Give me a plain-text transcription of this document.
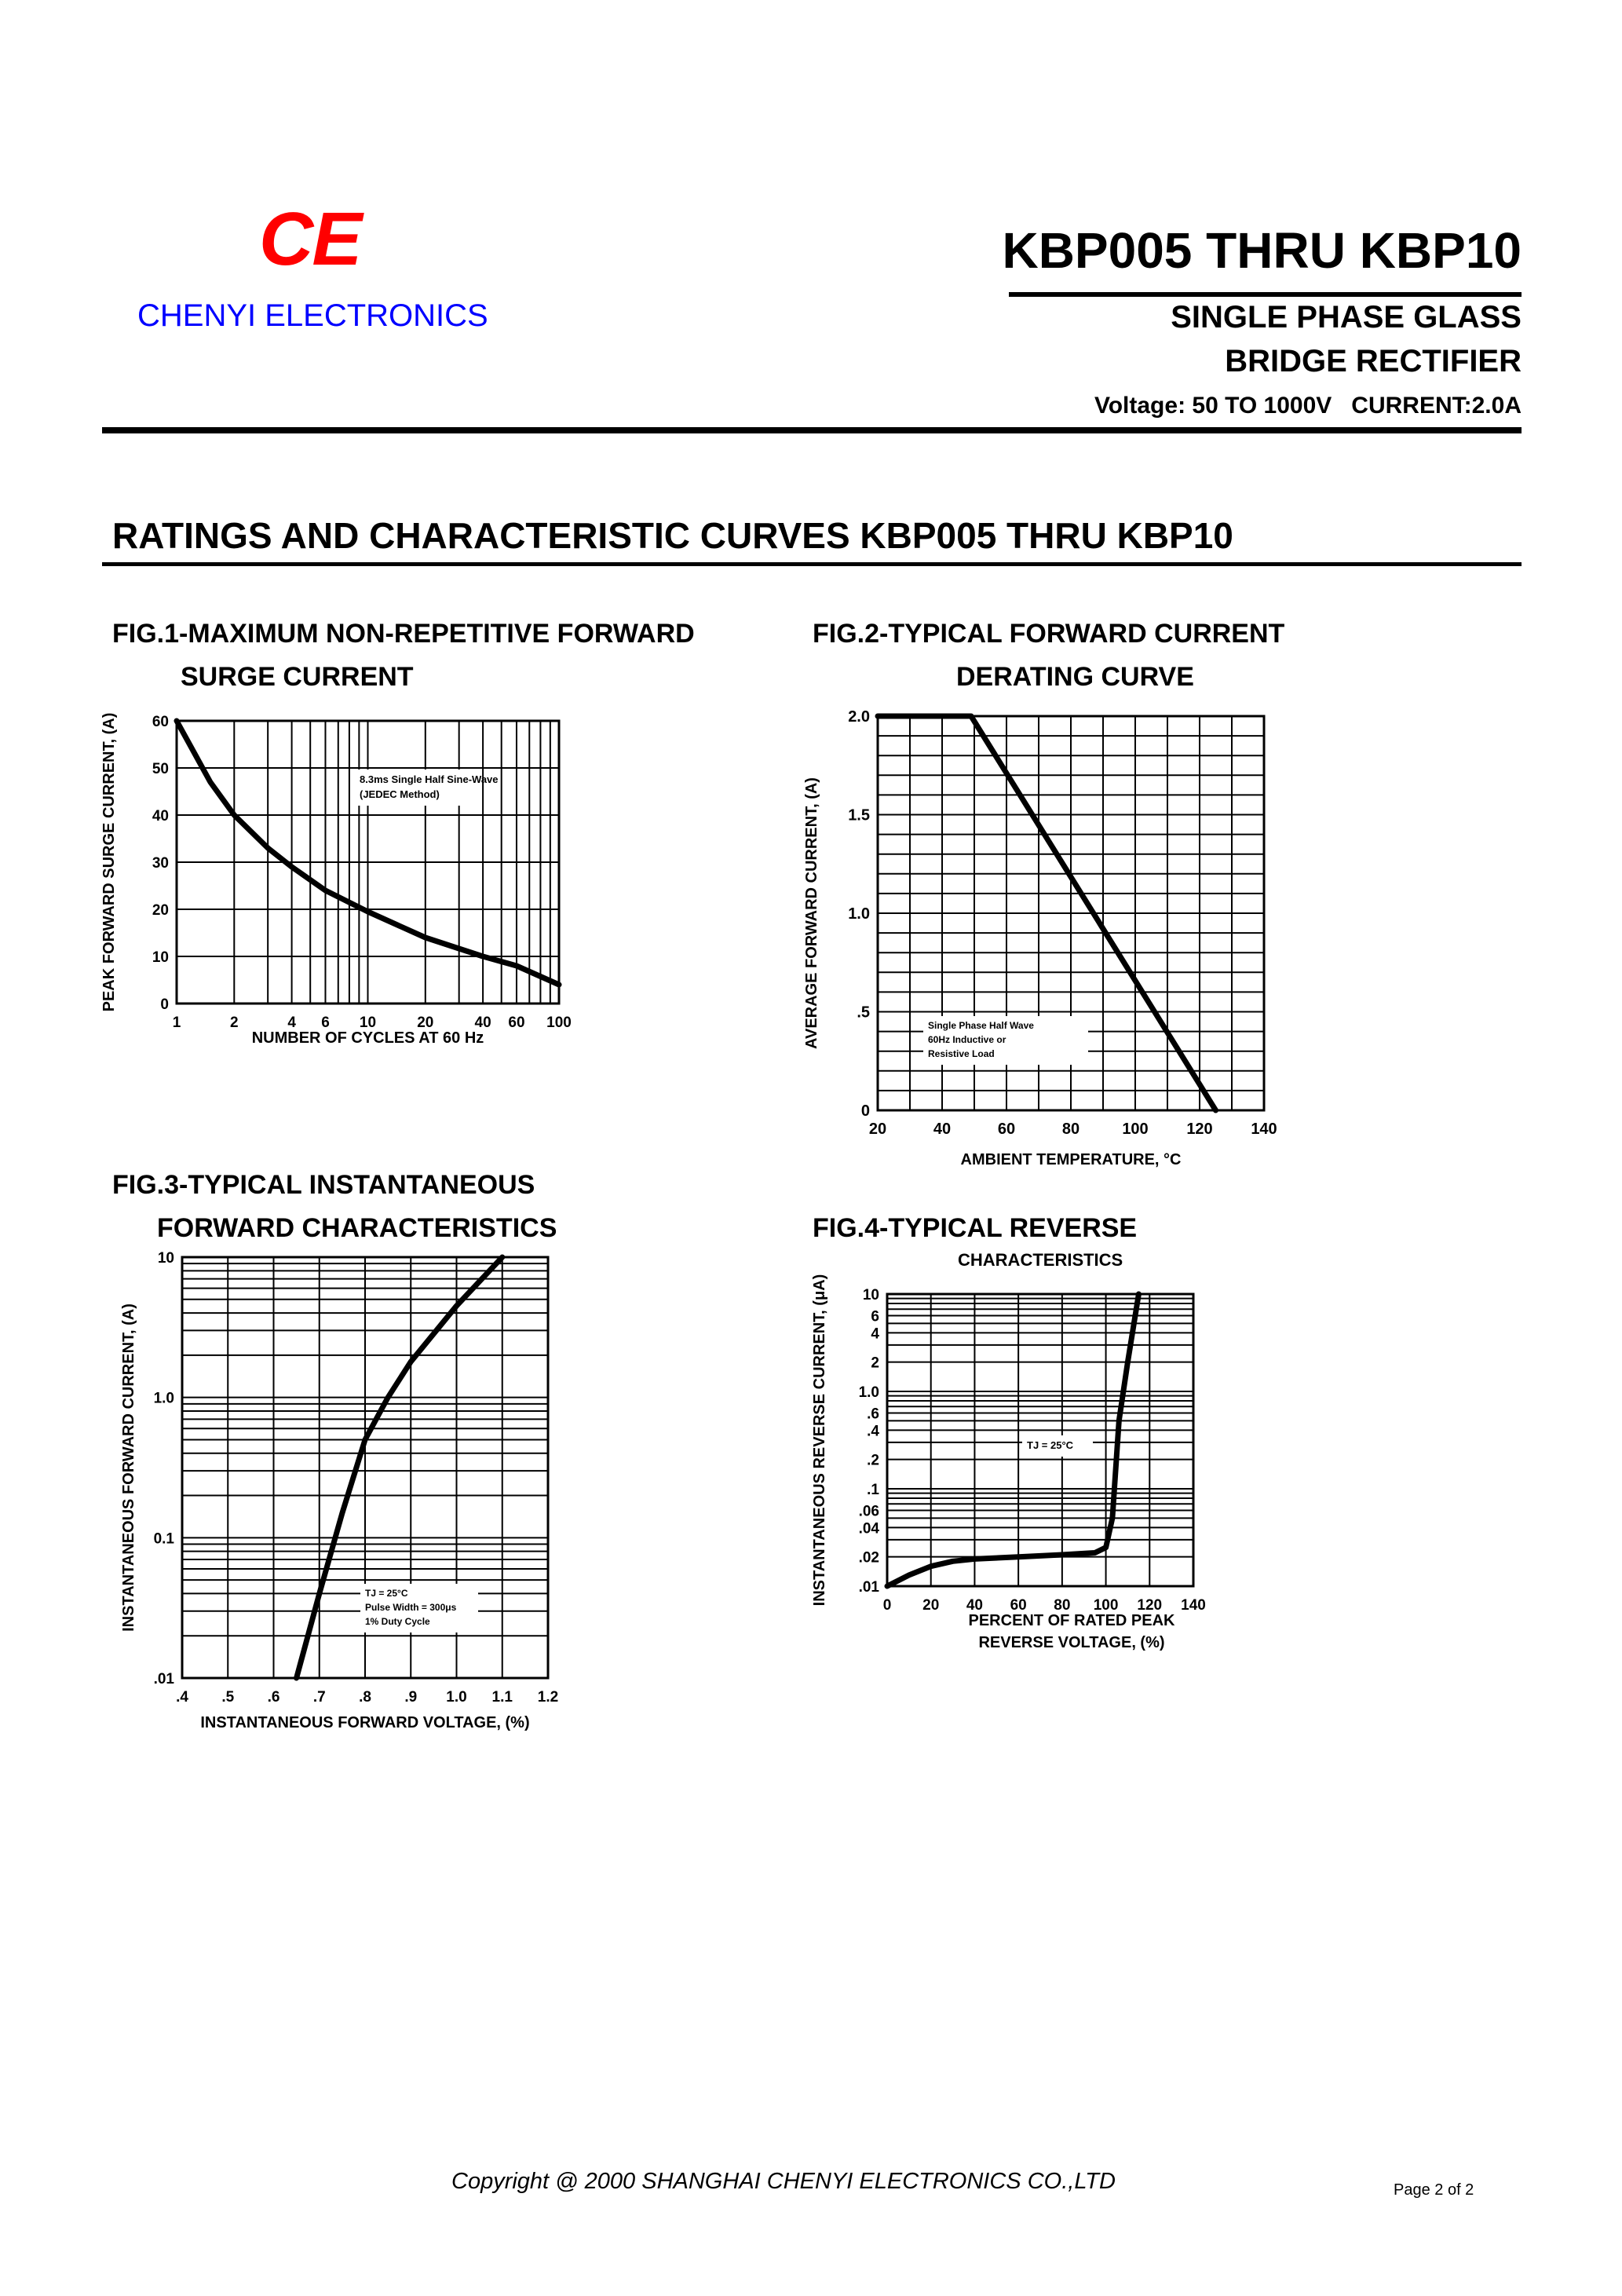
CE
CHENYI ELECTRONICS
KBP005 THRU KBP10
SINGLE PHASE GLASS
BRIDGE RECTIFIER
Voltage: 50 TO 1000V   CURRENT:2.0A
RATINGS AND CHARACTERISTIC CURVES KBP005 THRU KBP10
FIG.1-MAXIMUM NON-REPETITIVE FORWARD
SURGE CURRENT
FIG.2-TYPICAL FORWARD CURRENT
DERATING CURVE
FIG.3-TYPICAL INSTANTANEOUS
FORWARD CHARACTERISTICS	FIG.4-TYPICAL REVERSE
CHARACTERISTICS
8.3ms Single Half Sine-Wave
(JEDEC Method)
1	2	4 6 10	20	40 60 100
0
10
20
30
40
50
60
NUMBER OF CYCLES AT 60 Hz
PEAK FORWARD SURGE CURRENT, (A)
Single Phase Half Wave
60Hz Inductive or
Resistive Load
20	40	60	80	100 120 140
0
.5
1.0
1.5
2.0
AMBIENT TEMPERATURE, °C
AVERAGE FORWARD CURRENT, (A)
TJ = 25°C
Pulse Width = 300μs
1% Duty Cycle
.4 .5 .6 .7 .8 .9 1.0 1.1 1.2
.01
0.1
1.0
10
INSTANTANEOUS FORWARD VOLTAGE, (%)
INSTANTANEOUS FORWARD CURRENT, (A)	TJ = 25°C
0 20 40 60 80 100 120 140
.01
.02
.04
.06
.1
.2
.4
.6
1.0
2
4
6
10
PERCENT OF RATED PEAK
REVERSE VOLTAGE, (%)
INSTANTANEOUS REVERSE CURRENT, (μA)
Copyright @ 2000 SHANGHAI CHENYI ELECTRONICS CO.,LTD	Page 2 of 2
